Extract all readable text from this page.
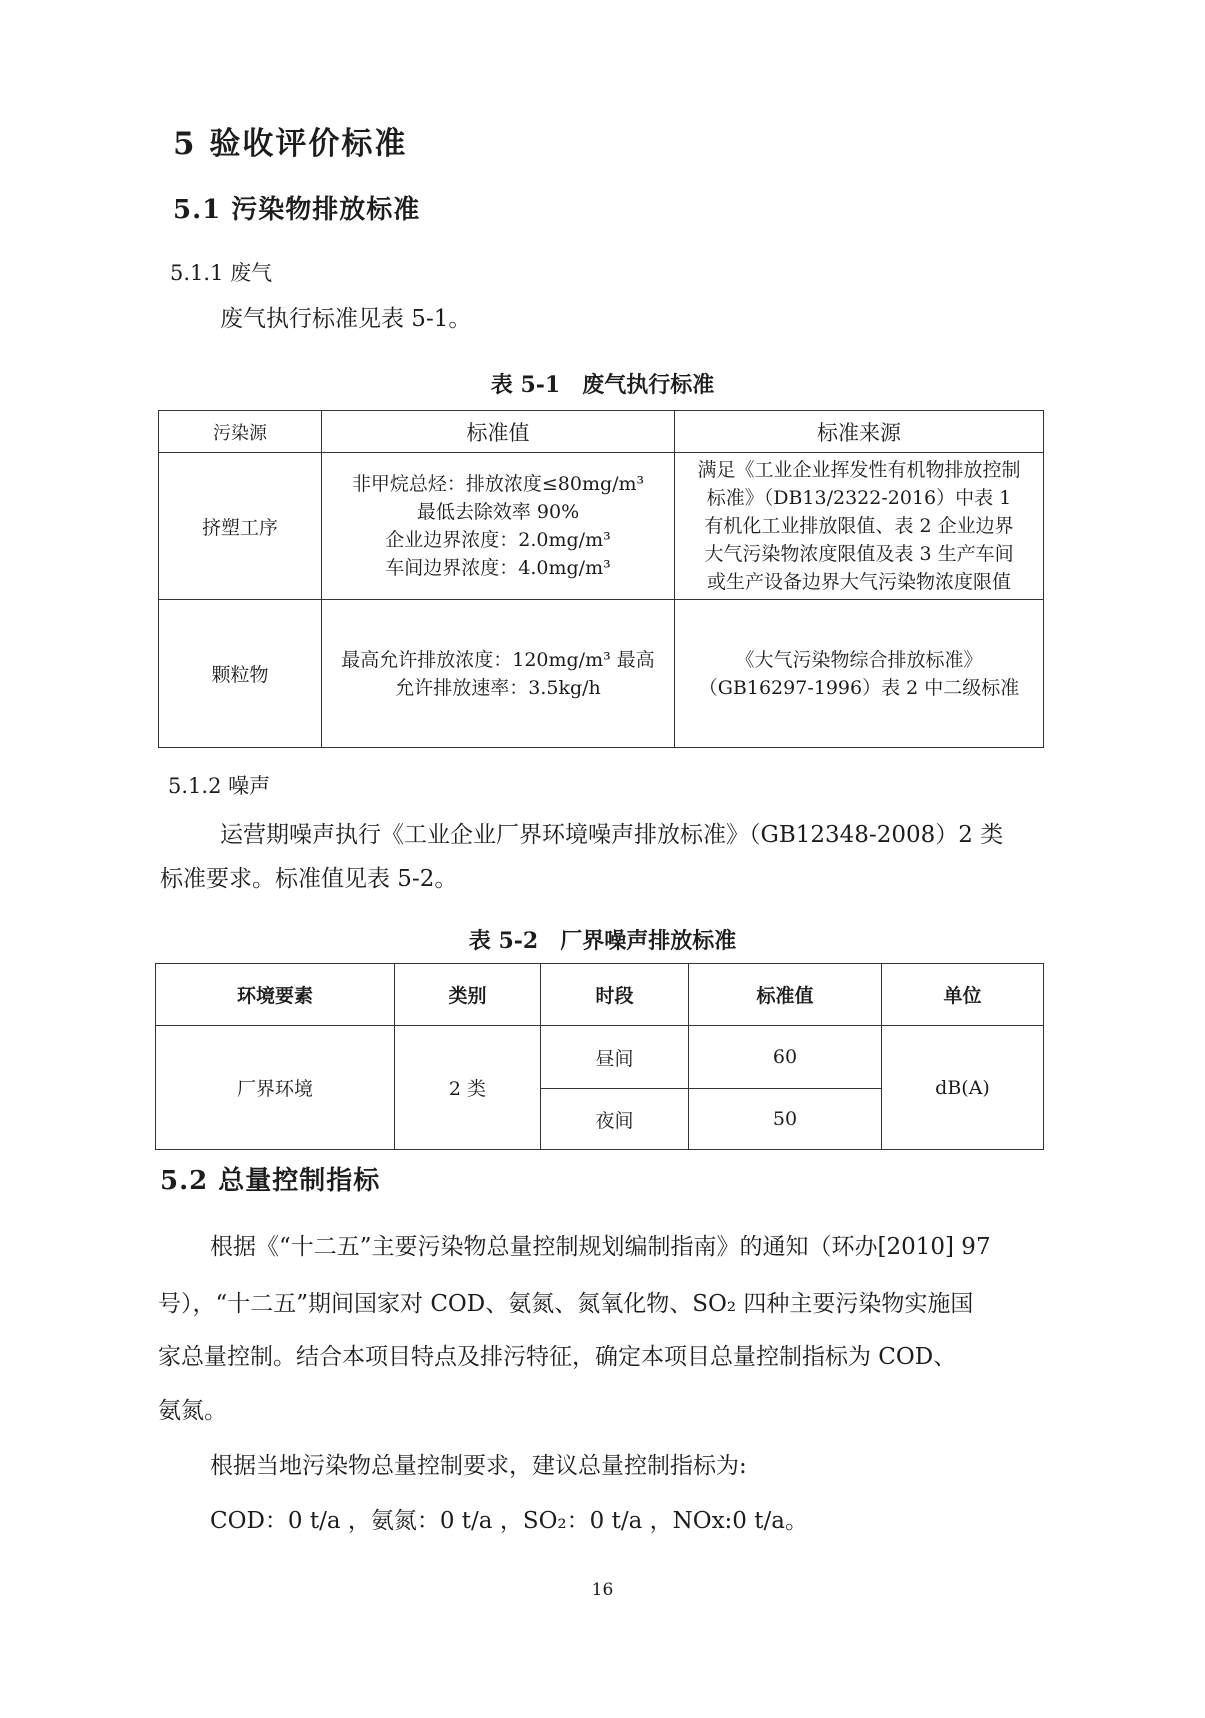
5 验收评价标准
5.1 污染物排放标准
5.1.1 废气
废气执行标准见表 5-1。
表 5-1　废气执行标准
污染源	标准值	标准来源
挤塑工序	非甲烷总烃：排放浓度≤80mg/m³
最低去除效率 90%
企业边界浓度：2.0mg/m³
车间边界浓度：4.0mg/m³	满足《工业企业挥发性有机物排放控制
标准》（DB13/2322-2016）中表 1
有机化工业排放限值、表 2 企业边界
大气污染物浓度限值及表 3 生产车间
或生产设备边界大气污染物浓度限值

颗粒物	最高允许排放浓度：120mg/m³ 最高
允许排放速率：3.5kg/h	《大气污染物综合排放标准》
（GB16297-1996）表 2 中二级标准
5.1.2 噪声
运营期噪声执行《工业企业厂界环境噪声排放标准》（GB12348-2008）2 类
标准要求。标准值见表 5-2。
表 5-2　厂界噪声排放标准
环境要素	类别	时段	标准值	单位
厂界环境	2 类	昼间	60	dB(A)
		夜间	50	
5.2 总量控制指标
根据《“十二五”主要污染物总量控制规划编制指南》的通知（环办[2010] 97
号），“十二五”期间国家对 COD、氨氮、氮氧化物、SO₂ 四种主要污染物实施国
家总量控制。结合本项目特点及排污特征，确定本项目总量控制指标为 COD、
氨氮。
根据当地污染物总量控制要求，建议总量控制指标为:
COD：0 t/a ，氨氮：0 t/a ，SO₂：0 t/a ，NOx:0 t/a。
16
